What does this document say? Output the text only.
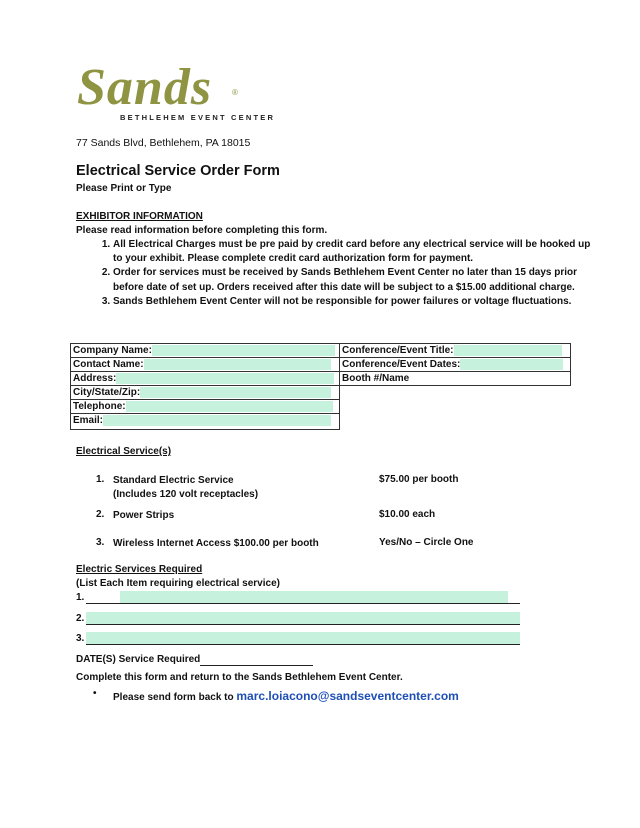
Sands ®
BETHLEHEM EVENT CENTER
77 Sands Blvd, Bethlehem, PA 18015
Electrical Service Order Form
Please Print or Type
EXHIBITOR INFORMATION
Please read information before completing this form.
1. All Electrical Charges must be pre paid by credit card before any electrical service will be hooked up to your exhibit. Please complete credit card authorization form for payment.
2. Order for services must be received by Sands Bethlehem Event Center no later than 15 days prior before date of set up. Orders received after this date will be subject to a $15.00 additional charge.
3. Sands Bethlehem Event Center will not be responsible for power failures or voltage fluctuations.
Company Name:
Contact Name:
Address:
City/State/Zip:
Telephone:
Email:
Conference/Event Title:
Conference/Event Dates:
Booth #/Name
Electrical Service(s)
1. Standard Electric Service
(Includes 120 volt receptacles)
$75.00 per booth
2. Power Strips	$10.00 each
3. Wireless Internet Access $100.00 per booth	Yes/No – Circle One
Electric Services Required
(List Each Item requiring electrical service)
1.
2.
3.
DATE(S) Service Required
Complete this form and return to the Sands Bethlehem Event Center.
• Please send form back to marc.loiacono@sandseventcenter.com
